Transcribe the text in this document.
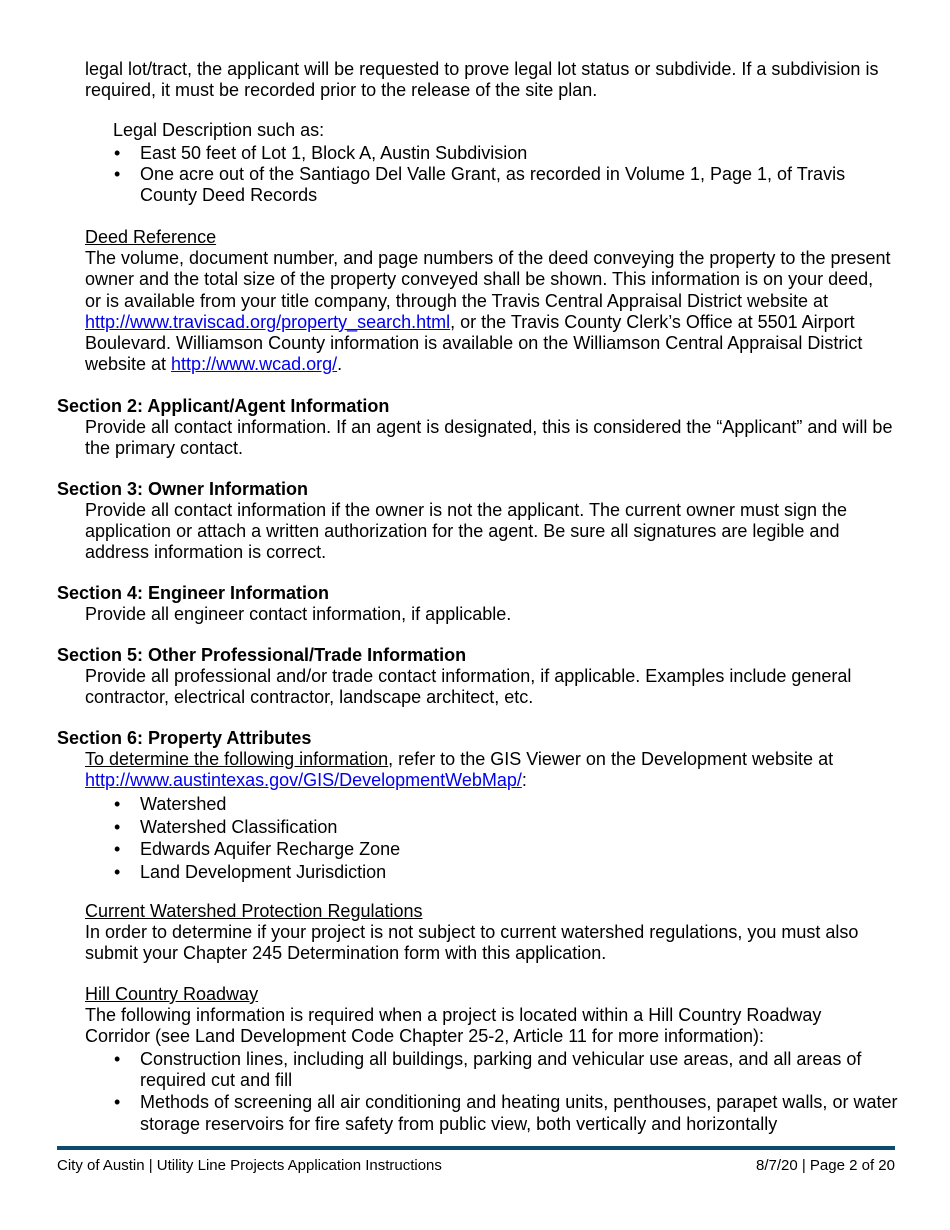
legal lot/tract, the applicant will be requested to prove legal lot status or subdivide. If a subdivision is required, it must be recorded prior to the release of the site plan.

Legal Description such as:

• East 50 feet of Lot 1, Block A, Austin Subdivision
• One acre out of the Santiago Del Valle Grant, as recorded in Volume 1, Page 1, of Travis County Deed Records

Deed Reference

The volume, document number, and page numbers of the deed conveying the property to the present owner and the total size of the property conveyed shall be shown. This information is on your deed, or is available from your title company, through the Travis Central Appraisal District website at http://www.traviscad.org/property_search.html, or the Travis County Clerk’s Office at 5501 Airport Boulevard. Williamson County information is available on the Williamson Central Appraisal District website at http://www.wcad.org/.

Section 2: Applicant/Agent Information

Provide all contact information. If an agent is designated, this is considered the “Applicant” and will be the primary contact.

Section 3: Owner Information

Provide all contact information if the owner is not the applicant. The current owner must sign the application or attach a written authorization for the agent. Be sure all signatures are legible and address information is correct.

Section 4: Engineer Information

Provide all engineer contact information, if applicable.

Section 5: Other Professional/Trade Information

Provide all professional and/or trade contact information, if applicable. Examples include general contractor, electrical contractor, landscape architect, etc.

Section 6: Property Attributes

To determine the following information, refer to the GIS Viewer on the Development website at

http://www.austintexas.gov/GIS/DevelopmentWebMap/:

• Watershed
• Watershed Classification
• Edwards Aquifer Recharge Zone
• Land Development Jurisdiction

Current Watershed Protection Regulations

In order to determine if your project is not subject to current watershed regulations, you must also submit your Chapter 245 Determination form with this application.

Hill Country Roadway

The following information is required when a project is located within a Hill Country Roadway Corridor (see Land Development Code Chapter 25-2, Article 11 for more information):

• Construction lines, including all buildings, parking and vehicular use areas, and all areas of required cut and fill
• Methods of screening all air conditioning and heating units, penthouses, parapet walls, or water storage reservoirs for fire safety from public view, both vertically and horizontally
City of Austin | Utility Line Projects Application Instructions	8/7/20 | Page 2 of 20
